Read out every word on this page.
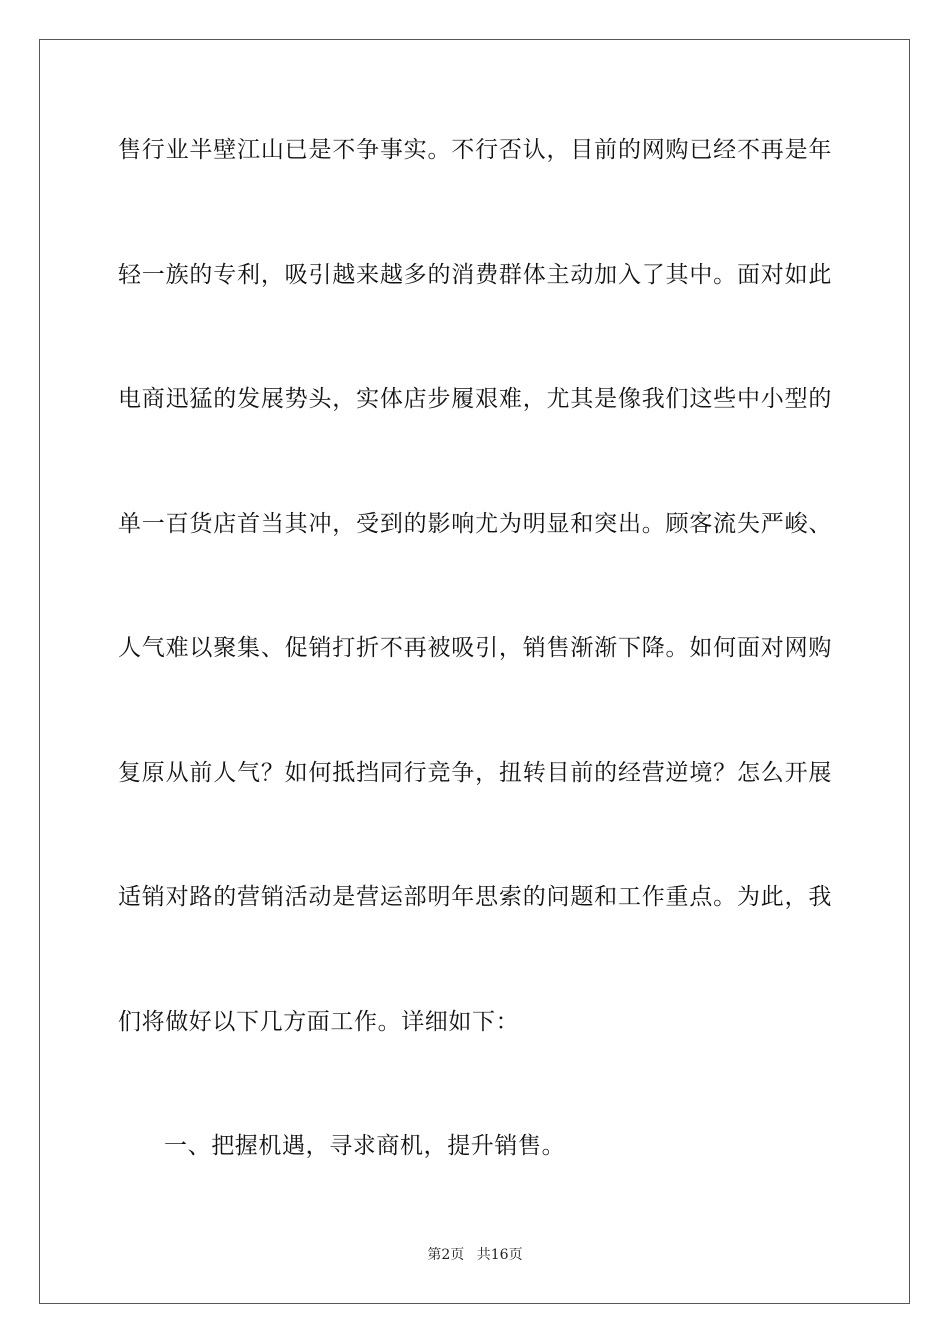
售行业半壁江山已是不争事实。不行否认，目前的网购已经不再是年
轻一族的专利，吸引越来越多的消费群体主动加入了其中。面对如此
电商迅猛的发展势头，实体店步履艰难，尤其是像我们这些中小型的
单一百货店首当其冲，受到的影响尤为明显和突出。顾客流失严峻、
人气难以聚集、促销打折不再被吸引，销售渐渐下降。如何面对网购
复原从前人气？如何抵挡同行竞争，扭转目前的经营逆境？怎么开展
适销对路的营销活动是营运部明年思索的问题和工作重点。为此，我
们将做好以下几方面工作。详细如下：
一、把握机遇，寻求商机，提升销售。
第2页 共16页
